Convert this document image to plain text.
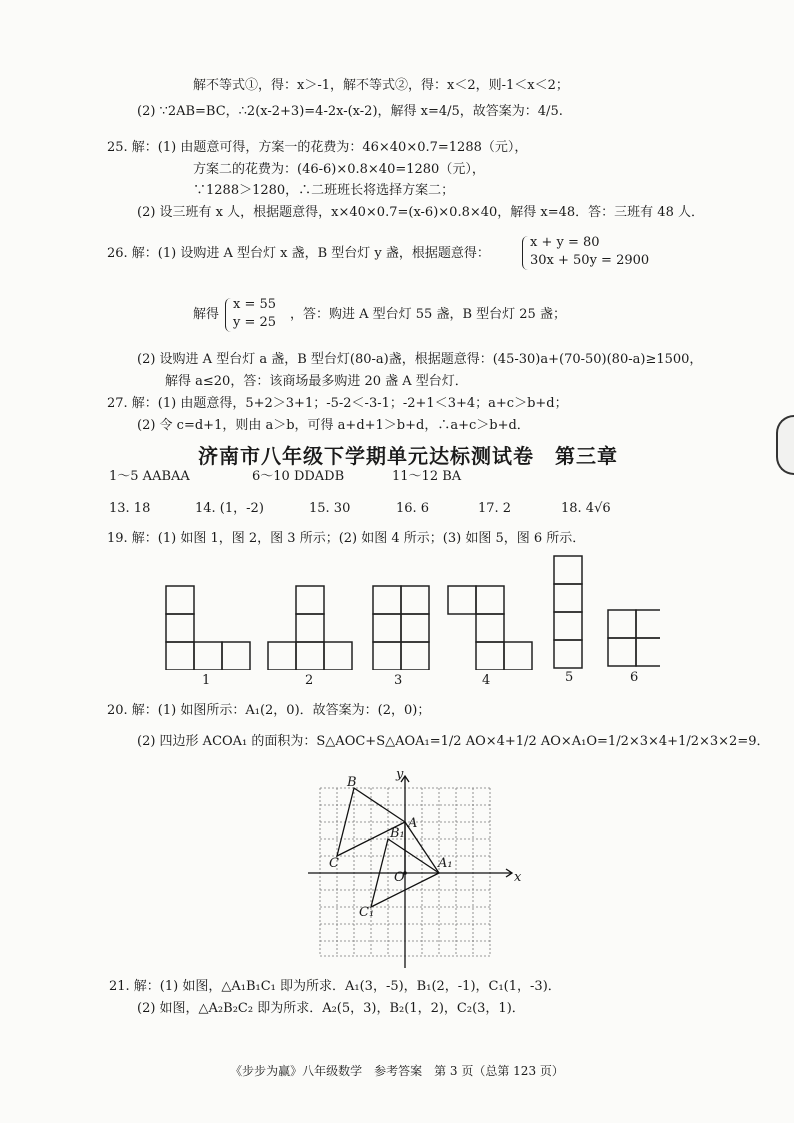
解不等式①，得：x＞-1，解不等式②，得：x＜2，则-1＜x＜2；
(2) ∵2AB=BC，∴2(x-2+3)=4-2x-(x-2)，解得 x=4/5，故答案为：4/5.
25. 解：(1) 由题意可得，方案一的花费为：46×40×0.7=1288（元），
方案二的花费为：(46-6)×0.8×40=1280（元），
∵1288＞1280，∴二班班长将选择方案二；
(2) 设三班有 x 人，根据题意得，x×40×0.7=(x-6)×0.8×40，解得 x=48．答：三班有 48 人．
26. 解：(1) 设购进 A 型台灯 x 盏，B 型台灯 y 盏，根据题意得：
x + y = 80
30x + 50y = 2900
解得
x = 55
y = 25
，答：购进 A 型台灯 55 盏，B 型台灯 25 盏；
(2) 设购进 A 型台灯 a 盏，B 型台灯(80-a)盏，根据题意得：(45-30)a+(70-50)(80-a)≥1500，
解得 a≤20，答：该商场最多购进 20 盏 A 型台灯．
27. 解：(1) 由题意得，5+2＞3+1；-5-2＜-3-1；-2+1＜3+4；a+c＞b+d；
(2) 令 c=d+1，则由 a＞b，可得 a+d+1＞b+d，∴a+c＞b+d．
济南市八年级下学期单元达标测试卷　第三章
1～5 AABAA	6～10 DDADB	11～12 BA
13. 18	14. (1，-2)	15. 30	16. 6	17. 2	18. 4√6
19. 解：(1) 如图 1，图 2，图 3 所示；(2) 如图 4 所示；(3) 如图 5，图 6 所示．
1	2	3	4	5	6
20. 解：(1) 如图所示：A₁(2，0)．故答案为：(2，0)；
(2) 四边形 ACOA₁ 的面积为：S△AOC+S△AOA₁=1/2 AO×4+1/2 AO×A₁O=1/2×3×4+1/2×3×2=9．
B
A
B₁
C	A₁
O
C₁
x
y
21. 解：(1) 如图，△A₁B₁C₁ 即为所求．A₁(3，-5)，B₁(2，-1)，C₁(1，-3)．
(2) 如图，△A₂B₂C₂ 即为所求．A₂(5，3)，B₂(1，2)，C₂(3，1)．
《步步为赢》八年级数学　参考答案　第 3 页（总第 123 页）
